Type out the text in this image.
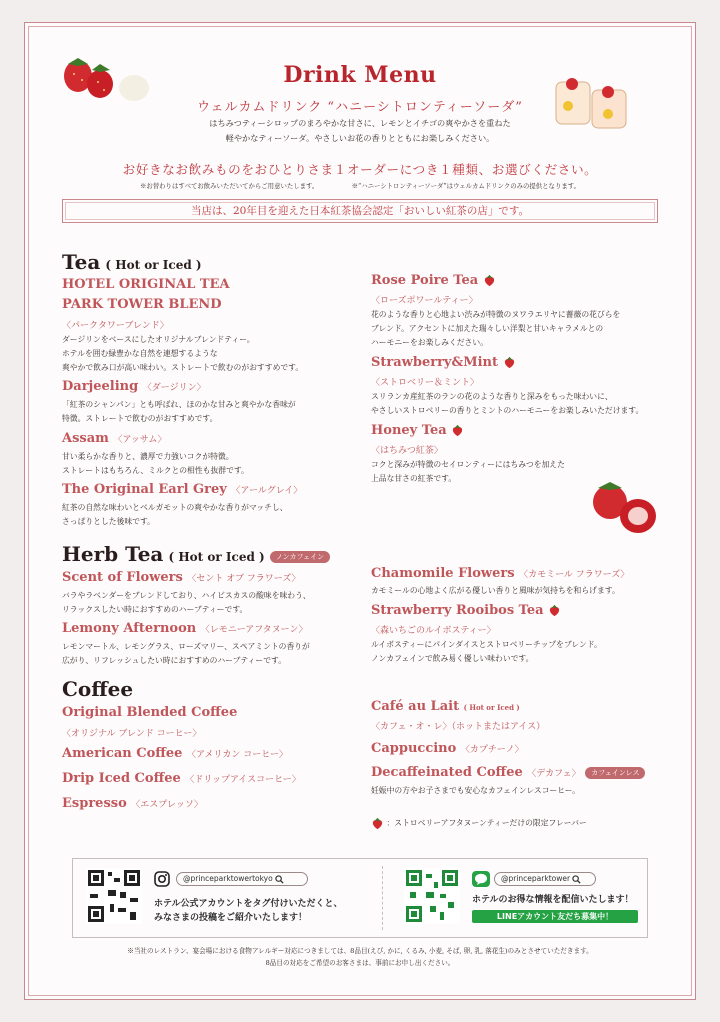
Drink Menu
ウェルカムドリンク “ハニーシトロンティーソーダ”
はちみつティーシロップのまろやかな甘さに、レモンとイチゴの爽やかさを重ねた
軽やかなティーソーダ。やさしいお花の香りとともにお楽しみください。
お好きなお飲みものをおひとりさま１オーダーにつき１種類、お選びください。
※お替わりはすべてお飲みいただいてからご用意いたします。	※“ハニーシトロンティーソーダ”はウェルカムドリンクのみの提供となります。
当店は、20年目を迎えた日本紅茶協会認定「おいしい紅茶の店」です。
Tea ( Hot or Iced )
HOTEL ORIGINAL TEA
PARK TOWER BLEND
〈パークタワーブレンド〉
ダージリンをベースにしたオリジナルブレンドティー。
ホテルを囲む緑豊かな自然を連想するような
爽やかで飲み口が高い味わい。ストレートで飲むのがおすすめです。
Darjeeling 〈ダージリン〉
「紅茶のシャンパン」とも呼ばれ、ほのかな甘みと爽やかな香味が
特徴。ストレートで飲むのがおすすめです。
Assam 〈アッサム〉
甘い柔らかな香りと、濃厚で力強いコクが特徴。
ストレートはもちろん、ミルクとの相性も抜群です。
The Original Earl Grey 〈アールグレイ〉
紅茶の自然な味わいとベルガモットの爽やかな香りがマッチし、
さっぱりとした後味です。
Rose Poire Tea
〈ローズポワールティー〉
花のような香りと心地よい渋みが特徴のヌワラエリヤに薔薇の花びらを
ブレンド。アクセントに加えた瑞々しい洋梨と甘いキャラメルとの
ハーモニーをお楽しみください。
Strawberry&Mint
〈ストロベリー＆ミント〉
スリランカ産紅茶のランの花のような香りと深みをもった味わいに、
やさしいストロベリーの香りとミントのハーモニーをお楽しみいただけます。
Honey Tea
〈はちみつ紅茶〉
コクと深みが特徴のセイロンティーにはちみつを加えた
上品な甘さの紅茶です。
Herb Tea ( Hot or Iced ) ノンカフェイン
Scent of Flowers 〈セント オブ フラワーズ〉
バラやラベンダーをブレンドしており、ハイビスカスの酸味を味わう、
リラックスしたい時におすすめのハーブティーです。
Lemony Afternoon 〈レモニーアフタヌーン〉
レモンマートル、レモングラス、ローズマリー、スペアミントの香りが
広がり、リフレッシュしたい時におすすめのハーブティーです。
Chamomile Flowers 〈カモミール フラワーズ〉
カモミールの心地よく広がる優しい香りと風味が気持ちを和らげます。
Strawberry Rooibos Tea
〈森いちごのルイボスティー〉
ルイボスティーにパインダイスとストロベリーチップをブレンド。
ノンカフェインで飲み易く優しい味わいです。
Coffee
Original Blended Coffee
〈オリジナル ブレンド コーヒー〉
American Coffee 〈アメリカン コーヒー〉
Drip Iced Coffee 〈ドリップアイスコーヒー〉
Espresso 〈エスプレッソ〉
Café au Lait ( Hot or Iced )
〈カフェ・オ・レ〉（ホットまたはアイス）
Cappuccino 〈カプチーノ〉
Decaffeinated Coffee 〈デカフェ〉 カフェインレス
妊娠中の方やお子さまでも安心なカフェインレスコーヒー。
：ストロベリーアフタヌーンティーだけの限定フレーバー
@princeparktowertokyo
ホテル公式アカウントをタグ付けいただくと、
みなさまの投稿をご紹介いたします！
@princeparktower
ホテルのお得な情報を配信いたします！
LINEアカウント友だち募集中！
※当社のレストラン、宴会場における食物アレルギー対応につきましては、8品目(えび, かに, くるみ, 小麦, そば, 卵, 乳, 落花生)のみとさせていただきます。
8品目の対応をご希望のお客さまは、事前にお申し出ください。
